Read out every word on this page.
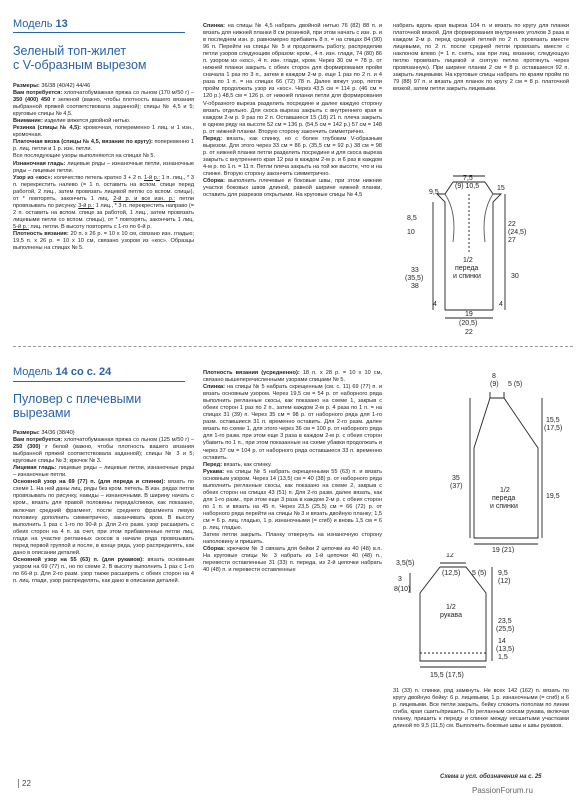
Модель 13
Зеленый топ-жилет
с V-образным вырезом

Размеры: 36/38 (40/42) 44/46

Вам потребуется: хлопчатобумажная пряжа со льном (170 м/50 г) – 350 (400) 450 г зеленой (важно, чтобы плотность вашего вязания выбранной пряжей соответствовала заданной); спицы № 4,5 и 5; круговые спицы № 4,5.

Внимание: изделие вяжется двойной нитью.

Резинка (спицы № 4,5): кромочная, попеременно 1 лиц. и 1 изн., кромочная.

Платочная вязка (спицы № 4,5, вязание по кругу): попеременно 1 р. лиц. петли и 1 р. изн. петли.

Все последующие узоры выполняются на спицах № 5.

Изнаночная гладь: лицевые ряды – изнаночные петли, изнаночные ряды – лицевые петли.

Узор из «кос»: количество петель кратно 3 + 2 п. 1-й р.: 1 п. лиц., * 3 п. перекрестить налево (= 1 п. оставить на вспом. спице перед работой, 2 лиц., затем провязать лицевой петлю со вспом. спицы), от * повторять, закончить 1 лиц. 2-й р. и все изн. р.: петли провязывать по рисунку. 3-й р.: 1 лиц., * 3 п. перекрестить направо (= 2 п. оставить на вспом. спице за работой, 1 лиц., затем провязать лицевыми петли со вспом. спицы), от * повторять, закончить 1 лиц. 5-й р.: лиц. петли. В высоту повторять с 1-го по 6-й р.

Плотность вязания: 20 п. х 26 р. = 10 х 10 см, связано изн. гладью; 19,5 п. х 26 р. = 10 х 10 см, связано узором из «кос». Образцы выполнены на спицах № 5.

Спинка: на спицы № 4,5 набрать двойной нитью 76 (82) 88 п. и вязать для нижней планки 8 см резинкой, при этом начать с изн. р. и в последнем изн. р. равномерно прибавить 8 п. = на спицах 84 (90) 96 п. Перейти на спицы № 5 и продолжить работу, распределив петли узоров следующим образом: кром., 4 п. изн. глади, 74 (80) 86 п. узором из «кос», 4 п. изн. глади, кром. Через 30 см = 78 р. от нижней планки закрыть с обеих сторон для формирования пройм сначала 1 раз по 3 п., затем в каждом 2-м р. еще 1 раз по 2 п. и 4 раза по 1 п. = на спицах 66 (72) 78 п. Далее вяжут узор, петли пройм продолжать узор из «кос». Через 43,5 см = 114 р. (46 см = 120 р.) 48,5 см = 126 р. от нижней планки петли для формирования V-образного выреза разделить посредине и далее каждую сторону вязать отдельно. Для скоса выреза закрыть с внутреннего края в каждом 2-м р. 9 раз по 2 п. Оставшиеся 15 (18) 21 п. плеча закрыть в одном ряду на высоте 52 см = 136 р. (54,5 см = 142 р.) 57 см = 148 р. от нижней планки. Вторую сторону закончить симметрично.

Перед: вязать, как спинку, но с более глубоким V-образным вырезом. Для этого через 33 см = 86 р. (35,5 см = 92 р.) 38 см = 98 р. от нижней планки петли разделить посредине и для скоса выреза закрыть с внутреннего края 12 раз в каждом 2-м р. и 6 раз в каждом 4-м р. по 1 п. = 11 п. Петли плеча закрыть на той же высоте, что и на спинке. Вторую сторону закончить симметрично.

Сборка: выполнить плечевые и боковые швы, при этом нижние участки боковых швов длиной, равной ширине нижней планки, оставить для разрезов открытыми. На круговые спицы № 4,5

набрать вдоль края выреза 104 п. и вязать по кругу для планки платочной вязкой. Для формирования внутренних уголков 3 раза в каждом 2-м р. перед средней петлей по 2 п. провязать вместе лицевыми, по 2 п. после средней петли провязать вместе с наклоном влево (= 1 п. снять, как при лиц. вязании, следующую петлю провязать лицевой и снятую петлю протянуть через провязанную). При ширине планки 2 см = 8 р. оставшиеся 92 п. закрыть лицевыми. На круговые спицы набрать по краям пройм по 79 (88) 97 п. и вязать для планок по кругу 2 см = 8 р. платочной вязкой, затем петли закрыть лицевыми.

7,5
(9) 10,5
9,5
15
8,5
10
22
(24,5)
27
1/2
переда
и спинки
33
(35,5)
38
30
4	4
19
(20,5)
22
Модель 14 со с. 24
Пуловер с плечевыми
вырезами

Размеры: 34/36 (38/40)

Вам потребуется: хлопчатобумажная пряжа со льном (125 м/50 г) – 250 (300) г белой (важно, чтобы плотность вашего вязания выбранной пряжей соответствовала заданной); спицы № 3 и 5; круговые спицы № 3; крючок № 3.

Лицевая гладь: лицевые ряды – лицевые петли, изнаночные ряды – изнаночные петли.

Основной узор на 69 (77) п. (для переда и спинки): вязать по схеме 1. На ней даны лиц. ряды без кром. петель. В изн. рядах петли провязывать по рисунку, накиды – изнаночными. В ширину начать с кром., вязать для правой половины переда/спинки, как показано, включая средний фрагмент, после среднего фрагмента левую половину дополнить симметрично, заканчивать кром. В высоту выполнить 1 раз с 1-го по 90-й р. Для 2-го разм. узор расширить с обеих сторон на 4 п. за счет, при этом прибавленные петли лиц. глади на участке регланных скосов в начале ряда провязывать перед первой группой и после, в конце ряда, узор распределять, как дано в описании деталей.

Основной узор на 55 (63) п. (для рукавов): вязать основным узором на 69 (77) п., но по схеме 2. В высоту выполнить 1 раз с 1-го по 66-й р. Для 2-го разм. узор также расширить с обеих сторон на 4 п. лиц. глади, узор распределять, как дано в описании деталей.

Плотность вязания (усредненно): 18 п. х 28 р. = 10 х 10 см, связано вышеперечисленными узорами спицами № 5.

Спинка: на спицы № 5 набрать скрещенным (см. с. 11) 69 (77) п. и вязать основным узором. Через 19,5 см = 54 р. от наборного ряда выполнить регланные скосы, как показано на схеме 1, закрыв с обеих сторон 1 раз по 2 п., затем каждом 2-м р. 4 раза по 1 п. = на спицах 31 (39) п. Через 35 см = 98 р. от наборного ряда для 1-го разм. оставшиеся 31 п. временно оставить. Для 2-го разм. далее вязать по схеме 1, для этого через 36 см = 100 р. от наборного ряда для 1-го разм. при этом еще 3 раза в каждом 2-м р. с обеих сторон убавить по 1 п., при этом показанные на схеме убавки продолжать и через 37 см = 104 р. от наборного ряда оставшиеся 33 п. временно оставить.

Перед: вязать, как спинку.

Рукава: на спицы № 5 набрать окрещенными 55 (63) п. и вязать основным узором. Через 14 (13,5) см = 40 (38) р. от наборного ряда выполнить регланные скосы, как показано на схеме 2, закрыв с обеих сторон на спицах 43 (51) п. Для 2-го разм. далее вязать, как для 1-го разм., при этом еще 3 раза в каждом 2-м р. с обеих сторон по 1 п. и вязать на 45 п. Через 23,5 (25,5) см = 66 (72) р. от наборного ряда перейти на спицы № 3 и вязать двойную планку; 1,5 см = 6 р. лиц. гладью, 1 р. изнаночными (= сгиб) и вновь 1,5 см = 6 р. лиц. гладью.

Затем петли закрыть. Планку отвернуть на изнаночную сторону наполовину и пришить.

Сборка: крючком № 3 связать для бейки 2 цепочки из 40 (48) в.п. На круговые спицы № 3 набрать из 1-й цепочки 40 (48) п., перевести оставленные 31 (33) п. переда, из 2-й цепочки набрать 40 (48) п. и перевести оставленные

8
(9) 5 (5)
35
(37)
15,5
(17,5)
1/2
переда
и спинки
19,5
19 (21)
3,5(5)
12
(12,5) 5 (5) 9,5
(12)
3
8(10)
1/2
рукава
23,5
(25,5)
14
(13,5)
1,5
15,5 (17,5)

31 (33) п. спинки, ряд замкнуть. Не всех 142 (162) п. вязать по кругу двойную бейку: 6 р. лицевыми, 1 р. изнаночными (= сгиб) и 6 р. лицевыми. Все петли закрыть, бейку сложить пополам по линии сгиба, края сшить/пришить. По регланным скосам рукава, включая планку, пришить к переду и спинке между несшитыми участками длиной по 9,5 (11,5) см. Выполнить боковые швы и швы рукавов.

22
Схема и усл. обозначения на с. 25
PassionForum.ru
